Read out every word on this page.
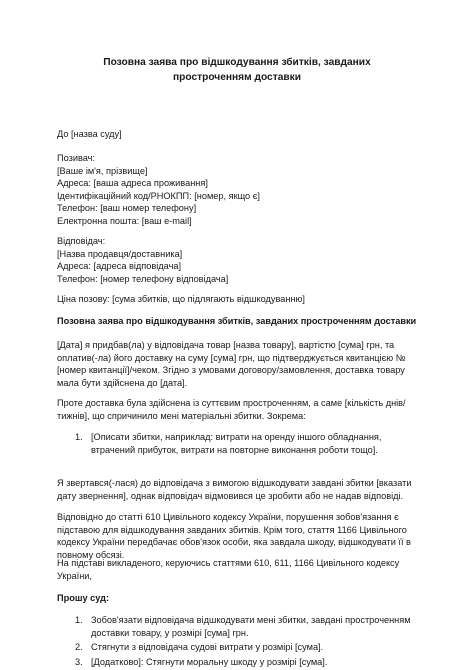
Позовна заява про відшкодування збитків, завданих простроченням доставки
До [назва суду]

Позивач:

[Ваше ім'я, прізвище]

Адреса: [ваша адреса проживання]

Ідентифікаційний код/РНОКПП: [номер, якщо є]

Телефон: [ваш номер телефону]

Електронна пошта: [ваш e-mail]

Відповідач:

[Назва продавця/доставника]

Адреса: [адреса відповідача]

Телефон: [номер телефону відповідача]

Ціна позову: [сума збитків, що підлягають відшкодуванню]
Позовна заява про відшкодування збитків, завданих простроченням доставки
[Дата] я придбав(ла) у відповідача товар [назва товару], вартістю [сума] грн, та оплатив(-ла) його доставку на суму [сума] грн, що підтверджується квитанцією №[номер квитанції]/чеком. Згідно з умовами договору/замовлення, доставка товару мала бути здійснена до [дата].
Проте доставка була здійснена із суттєвим простроченням, а саме [кількість днів/тижнів], що спричинило мені матеріальні збитки. Зокрема:
1. [Описати збитки, наприклад: витрати на оренду іншого обладнання, втрачений прибуток, витрати на повторне виконання роботи тощо].
Я звертався(-лася) до відповідача з вимогою відшкодувати завдані збитки [вказати дату звернення], однак відповідач відмовився це зробити або не надав відповіді.
Відповідно до статті 610 Цивільного кодексу України, порушення зобов'язання є підставою для відшкодування завданих збитків. Крім того, стаття 1166 Цивільного кодексу України передбачає обов'язок особи, яка завдала шкоду, відшкодувати її в повному обсязі.
На підставі викладеного, керуючись статтями 610, 611, 1166 Цивільного кодексу України,
Прошу суд:
1. Зобов'язати відповідача відшкодувати мені збитки, завдані простроченням доставки товару, у розмірі [сума] грн.
2. Стягнути з відповідача судові витрати у розмірі [сума].
3. [Додатково]: Стягнути моральну шкоду у розмірі [сума].
